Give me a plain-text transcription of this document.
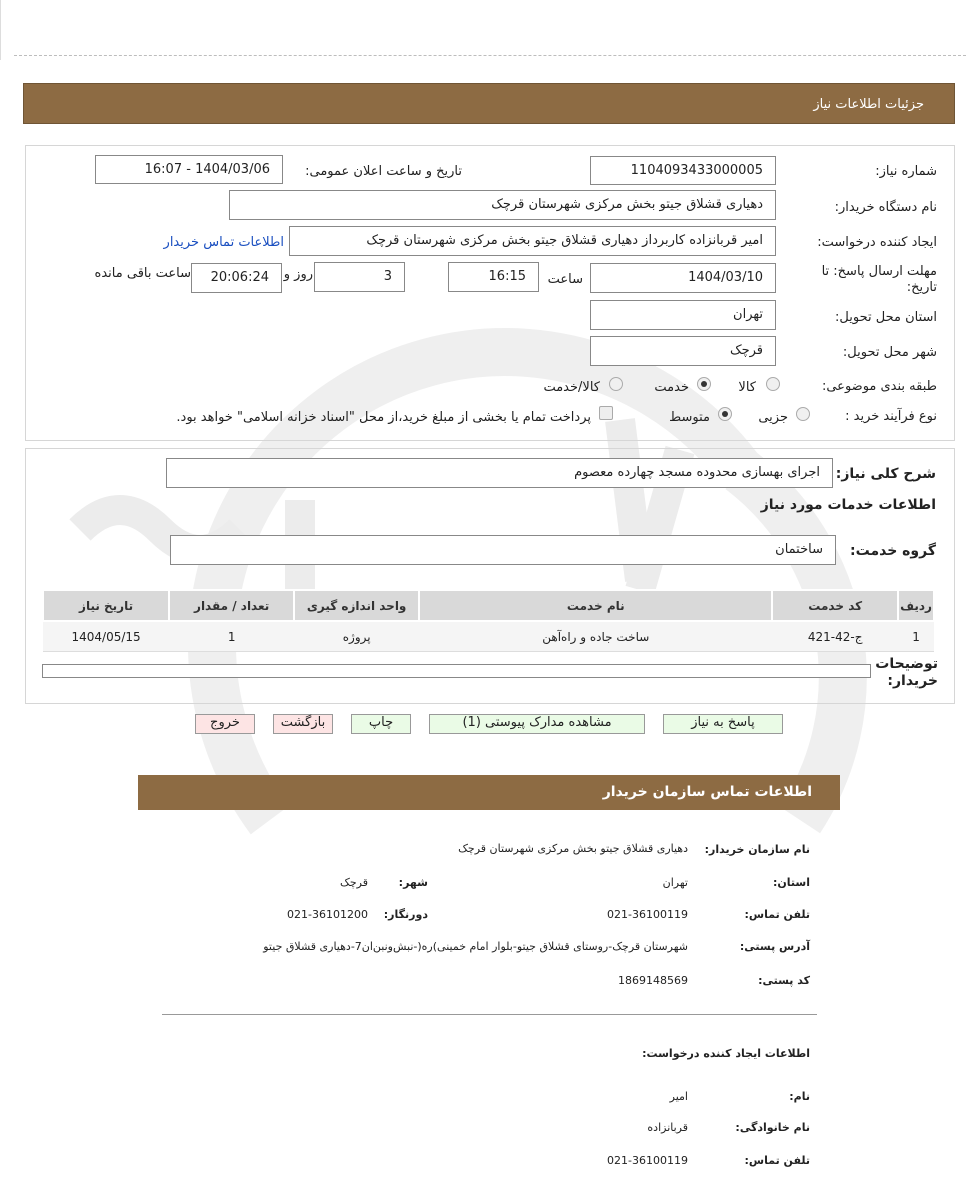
جزئیات اطلاعات نیاز
شماره نیاز:
1104093433000005
تاریخ و ساعت اعلان عمومی:
1404/03/06 - 16:07
نام دستگاه خریدار:
دهیاری قشلاق جیتو بخش مرکزی شهرستان قرچک
ایجاد کننده درخواست:
امیر قربانزاده کاربرداز دهیاری قشلاق جیتو بخش مرکزی شهرستان قرچک
اطلاعات تماس خریدار
مهلت ارسال پاسخ: تا تاریخ:
1404/03/10
ساعت
16:15
3
روز و
20:06:24
ساعت باقی مانده
استان محل تحویل:
تهران
شهر محل تحویل:
قرچک
طبقه بندی موضوعی:
کالا
خدمت
کالا/خدمت
نوع فرآیند خرید :
جزیی
متوسط
پرداخت تمام یا بخشی از مبلغ خرید،از محل "اسناد خزانه اسلامی" خواهد بود.
شرح کلی نیاز:
اجرای بهسازی محدوده مسجد چهارده معصوم
اطلاعات خدمات مورد نیاز
گروه خدمت:
ساختمان
ردیف	کد خدمت	نام خدمت	واحد اندازه گیری	تعداد / مقدار	تاریخ نیاز
1	ج-42-421	ساخت جاده و راه‌آهن	پروژه	1	1404/05/15
توضیحات خریدار:
پاسخ به نیاز
مشاهده مدارک پیوستی (1)
چاپ
بازگشت
خروج
اطلاعات تماس سازمان خریدار
نام سازمان خریدار:
دهیاری قشلاق جیتو بخش مرکزی شهرستان قرچک
استان:
تهران
شهر:
قرچک
تلفن تماس:
021-36100119
دورنگار:
021-36101200
آدرس پستی:
شهرستان قرچک-روستای قشلاق جیتو-بلوار امام خمینی)ره(-نبش‌ونبن‌ان7-دهیاری قشلاق جیتو
کد پستی:
1869148569
اطلاعات ایجاد کننده درخواست:
نام:
امیر
نام خانوادگی:
قربانزاده
تلفن تماس:
021-36100119
